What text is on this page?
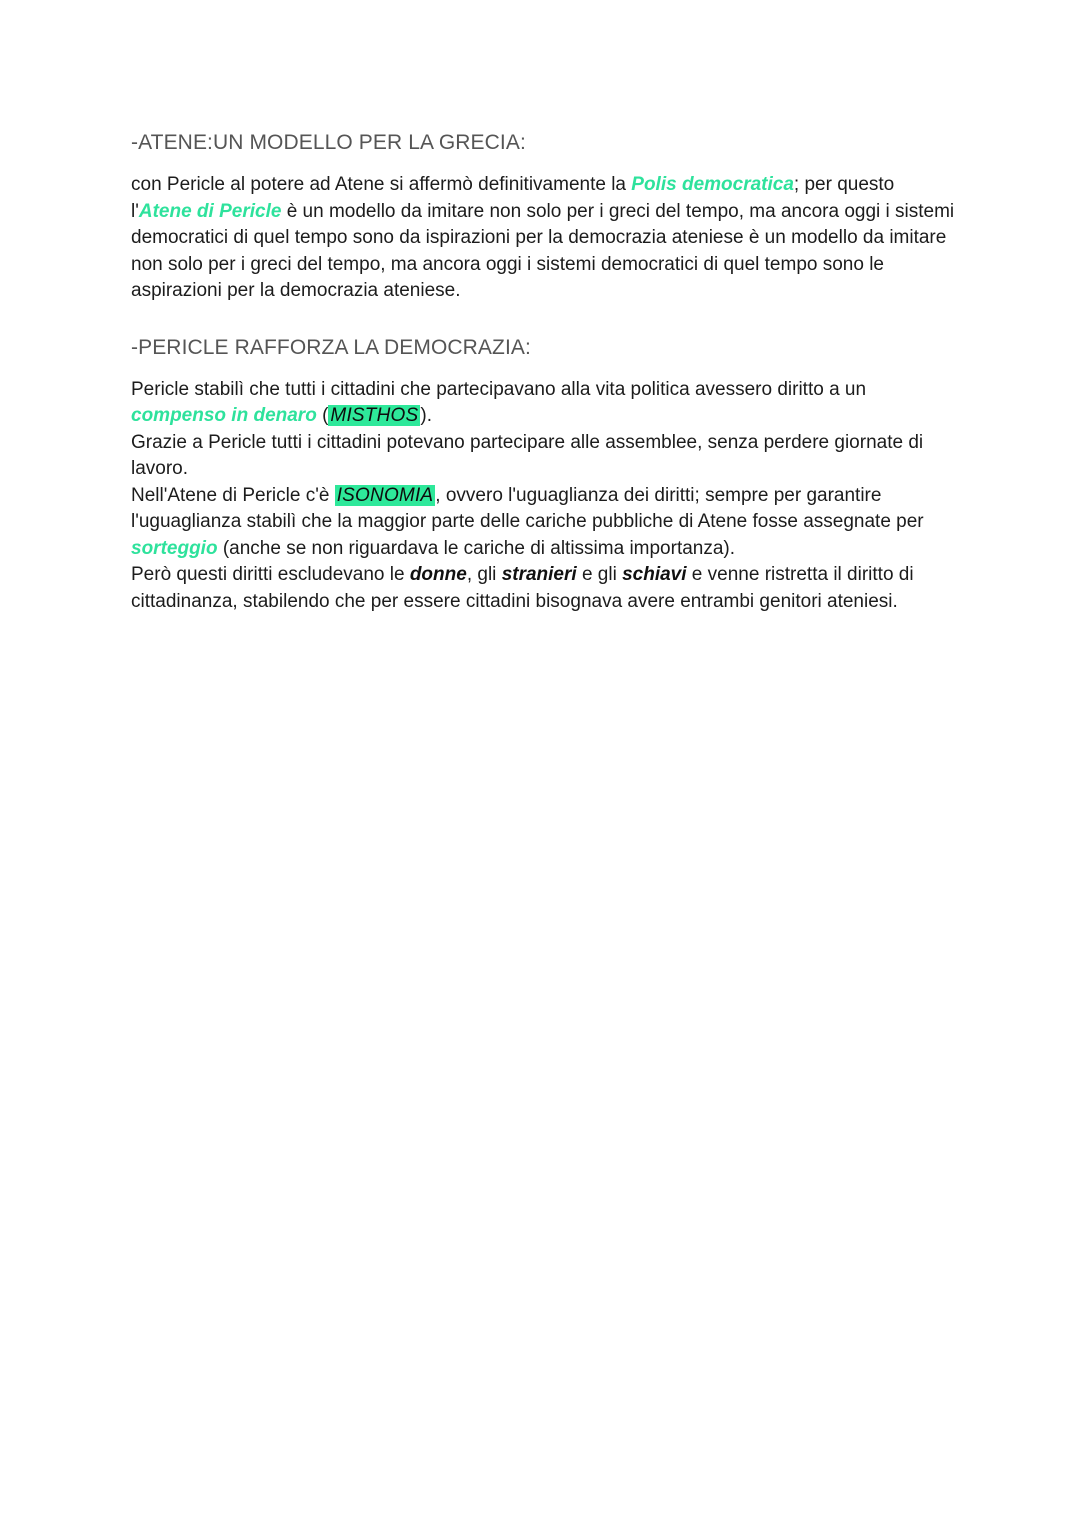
-ATENE:UN MODELLO PER LA GRECIA:

con Pericle al potere ad Atene si affermò definitivamente la Polis democratica; per questo
l'Atene di Pericle è un modello da imitare non solo per i greci del tempo, ma ancora oggi i sistemi democratici di quel tempo sono da ispirazioni per la democrazia ateniese è un modello da imitare non solo per i greci del tempo, ma ancora oggi i sistemi democratici di quel tempo sono le aspirazioni per la democrazia ateniese.

-PERICLE RAFFORZA LA DEMOCRAZIA:

Pericle stabilì che tutti i cittadini che partecipavano alla vita politica avessero diritto a un compenso in denaro ( MISTHOS ).

Grazie a Pericle tutti i cittadini potevano partecipare alle assemblee, senza perdere giornate di lavoro.

Nell'Atene di Pericle c'è ISONOMIA , ovvero l'uguaglianza dei diritti; sempre per garantire l'uguaglianza stabilì che la maggior parte delle cariche pubbliche di Atene fosse assegnate per sorteggio (anche se non riguardava le cariche di altissima importanza).

Però questi diritti escludevano le donne, gli stranieri e gli schiavi e venne ristretta il diritto di cittadinanza, stabilendo che per essere cittadini bisognava avere entrambi genitori ateniesi.
